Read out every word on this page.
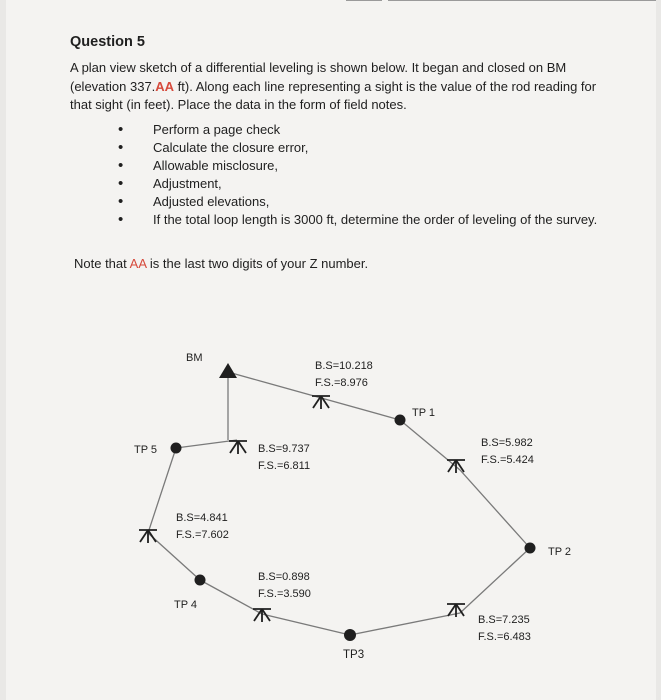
Question 5
A plan view sketch of a differential leveling is shown below. It began and closed on BM (elevation 337.AA ft). Along each line representing a sight is the value of the rod reading for that sight (in feet). Place the data in the form of field notes.
• Perform a page check
• Calculate the closure error,
• Allowable misclosure,
• Adjustment,
• Adjusted elevations,
• If the total loop length is 3000 ft, determine the order of leveling of the survey.
Note that AA is the last two digits of your Z number.
BM
TP 1
TP 2
TP3
TP 4
TP 5
B.S=10.218
F.S.=8.976
B.S=5.982
F.S.=5.424
B.S=7.235
F.S.=6.483
B.S=0.898
F.S.=3.590
B.S=4.841
F.S.=7.602
B.S=9.737
F.S.=6.811
